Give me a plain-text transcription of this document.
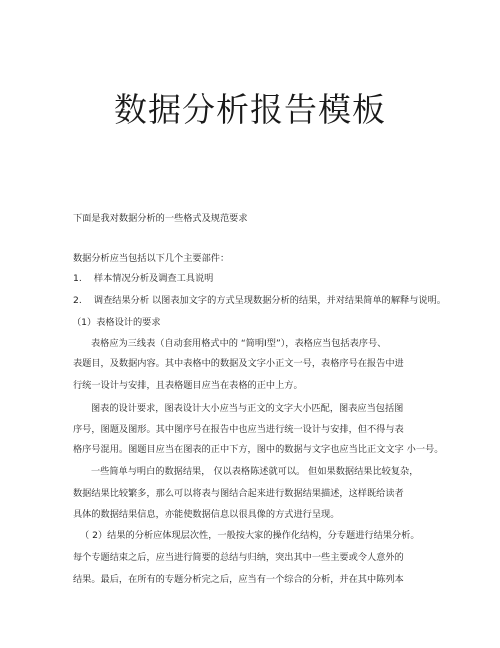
数据分析报告模板
下面是我对数据分析的一些格式及规范要求
数据分析应当包括以下几个主要部件：
1. 样本情况分析及调查工具说明
2. 调查结果分析 以图表加文字的方式呈现数据分析的结果，并对结果简单的解释与说明。
（1）表格设计的要求
表格应为三线表（自动套用格式中的 “简明I型”），表格应当包括表序号、
表题目，及数据内容。其中表格中的数据及文字小正文一号，表格序号在报告中进
行统一设计与安排，且表格题目应当在表格的正中上方。
图表的设计要求，图表设计大小应当与正文的文字大小匹配，图表应当包括图
序号，图题及图形。其中图序号在报告中也应当进行统一设计与安排，但不得与表
格序号混用。图题目应当在图表的正中下方，图中的数据与文字也应当比正文文字 小一号。
一些简单与明白的数据结果， 仅以表格陈述就可以。 但如果数据结果比较复杂，
数据结果比较繁多，那么可以将表与图结合起来进行数据结果描述，这样既给读者
具体的数据结果信息，亦能使数据信息以很具像的方式进行呈现。
（ 2）结果的分析应体现层次性，一般按大家的操作化结构，分专题进行结果分析。
每个专题结束之后，应当进行简要的总结与归纳，突出其中一些主要或令人意外的
结果。最后，在所有的专题分析完之后，应当有一个综合的分析，并在其中陈列本
